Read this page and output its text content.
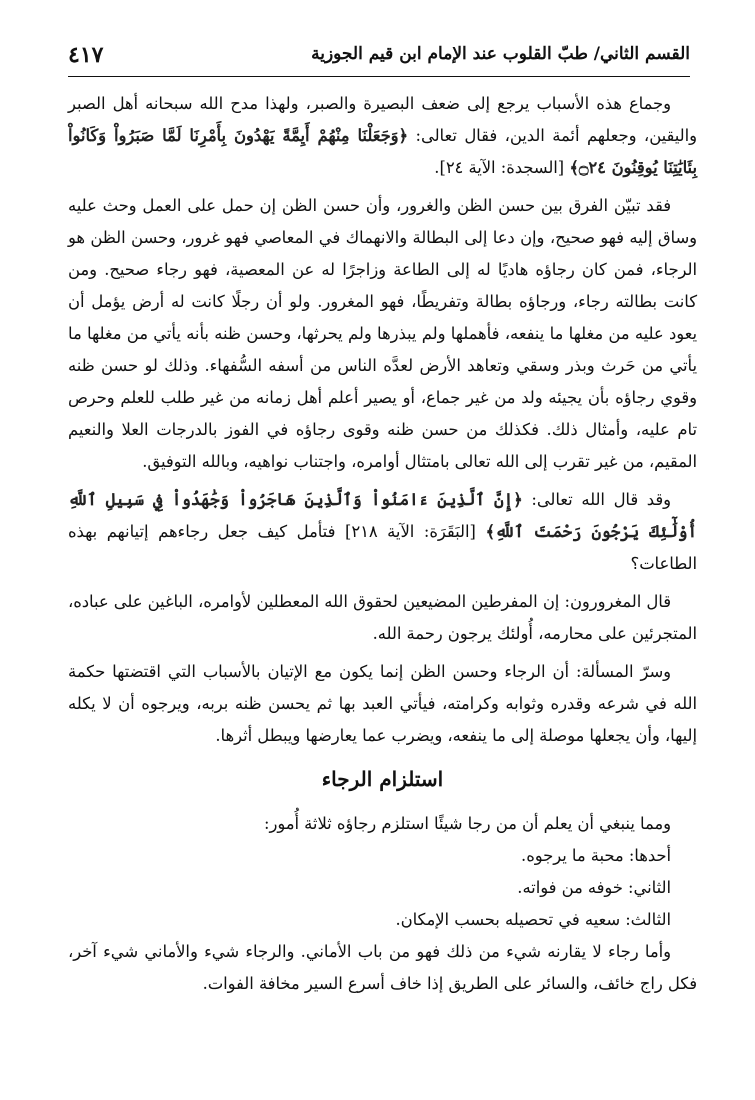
القسم الثاني/ طبّ القلوب عند الإمام ابن قيم الجوزية
٤١٧

وجماع هذه الأسباب يرجع إلى ضعف البصيرة والصبر، ولهذا مدح الله سبحانه أهل الصبر واليقين، وجعلهم أئمة الدين، فقال تعالى: ﴿وَجَعَلْنَا مِنْهُمْ أَيِمَّةً يَهْدُونَ بِأَمْرِنَا لَمَّا صَبَرُواْ وَكَانُواْ بِئَايَٰتِنَا يُوقِنُونَ ۝٢٤﴾ [السجدة: الآية ٢٤].

فقد تبيّن الفرق بين حسن الظن والغرور، وأن حسن الظن إن حمل على العمل وحث عليه وساق إليه فهو صحيح، وإن دعا إلى البطالة والانهماك في المعاصي فهو غرور، وحسن الظن هو الرجاء، فمن كان رجاؤه هاديًا له إلى الطاعة وزاجرًا له عن المعصية، فهو رجاء صحيح. ومن كانت بطالته رجاء، ورجاؤه بطالة وتفريطًا، فهو المغرور. ولو أن رجلًا كانت له أرض يؤمل أن يعود عليه من مغلها ما ينفعه، فأهملها ولم يبذرها ولم يحرثها، وحسن ظنه بأنه يأتي من مغلها ما يأتي من حَرث وبذر وسقي وتعاهد الأرض لعدَّه الناس من أسفه السُّفهاء. وذلك لو حسن ظنه وقوي رجاؤه بأن يجيئه ولد من غير جماع، أو يصير أعلم أهل زمانه من غير طلب للعلم وحرص تام عليه، وأمثال ذلك. فكذلك من حسن ظنه وقوى رجاؤه في الفوز بالدرجات العلا والنعيم المقيم، من غير تقرب إلى الله تعالى بامتثال أوامره، واجتناب نواهيه، وبالله التوفيق.

وقد قال الله تعالى: ﴿إِنَّ ٱلَّذِينَ ءَامَنُواْ وَٱلَّذِينَ هَاجَرُواْ وَجَٰهَدُواْ فِي سَبِيلِ ٱللَّهِ أُوْلَٰٓئِكَ يَرْجُونَ رَحْمَتَ ٱللَّهِ﴾ [البَقَرَة: الآية ٢١٨] فتأمل كيف جعل رجاءهم إتيانهم بهذه الطاعات؟

قال المغرورون: إن المفرطين المضيعين لحقوق الله المعطلين لأوامره، الباغين على عباده، المتجرئين على محارمه، أُولئك يرجون رحمة الله.

وسرّ المسألة: أن الرجاء وحسن الظن إنما يكون مع الإتيان بالأسباب التي اقتضتها حكمة الله في شرعه وقدره وثوابه وكرامته، فيأتي العبد بها ثم يحسن ظنه بربه، ويرجوه أن لا يكله إليها، وأن يجعلها موصلة إلى ما ينفعه، ويضرب عما يعارضها ويبطل أثرها.

استلزام الرجاء

ومما ينبغي أن يعلم أن من رجا شيئًا استلزم رجاؤه ثلاثة أُمور:

أحدها: محبة ما يرجوه.

الثاني: خوفه من فواته.

الثالث: سعيه في تحصيله بحسب الإمكان.

وأما رجاء لا يقارنه شيء من ذلك فهو من باب الأماني. والرجاء شيء والأماني شيء آخر، فكل راج خائف، والسائر على الطريق إذا خاف أسرع السير مخافة الفوات.
